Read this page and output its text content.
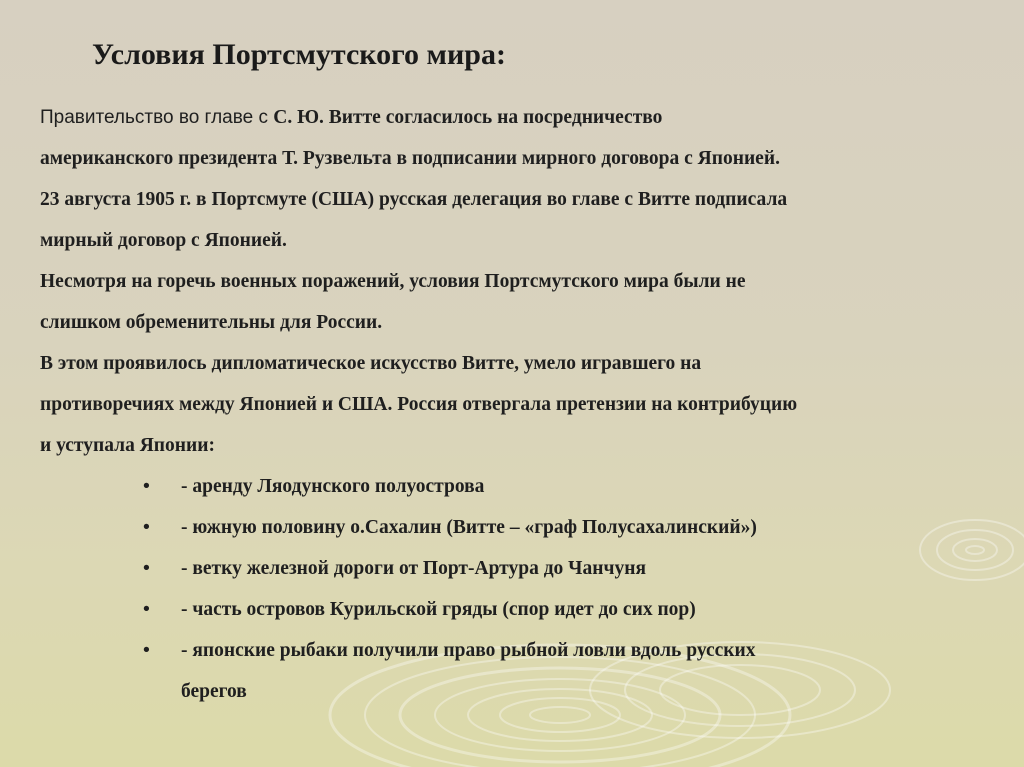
Условия Портсмутского мира:
Правительство во главе с С. Ю. Витте согласилось на посредничество
американского президента Т. Рузвельта в подписании мирного договора с Японией.
23 августа 1905 г. в Портсмуте (США) русская делегация во главе с Витте подписала
мирный договор с Японией.
Несмотря на горечь военных поражений, условия Портсмутского мира были не
слишком обременительны для России.
В этом проявилось дипломатическое искусство Витте, умело игравшего на
противоречиях между Японией и США. Россия отвергала претензии на контрибуцию
и уступала Японии:
• - аренду Ляодунского полуострова
• - южную половину о.Сахалин (Витте – «граф Полусахалинский»)
• - ветку железной дороги от Порт-Артура до Чанчуня
• - часть островов Курильской гряды (спор идет до сих пор)
• - японские рыбаки получили право рыбной ловли вдоль русских
берегов
